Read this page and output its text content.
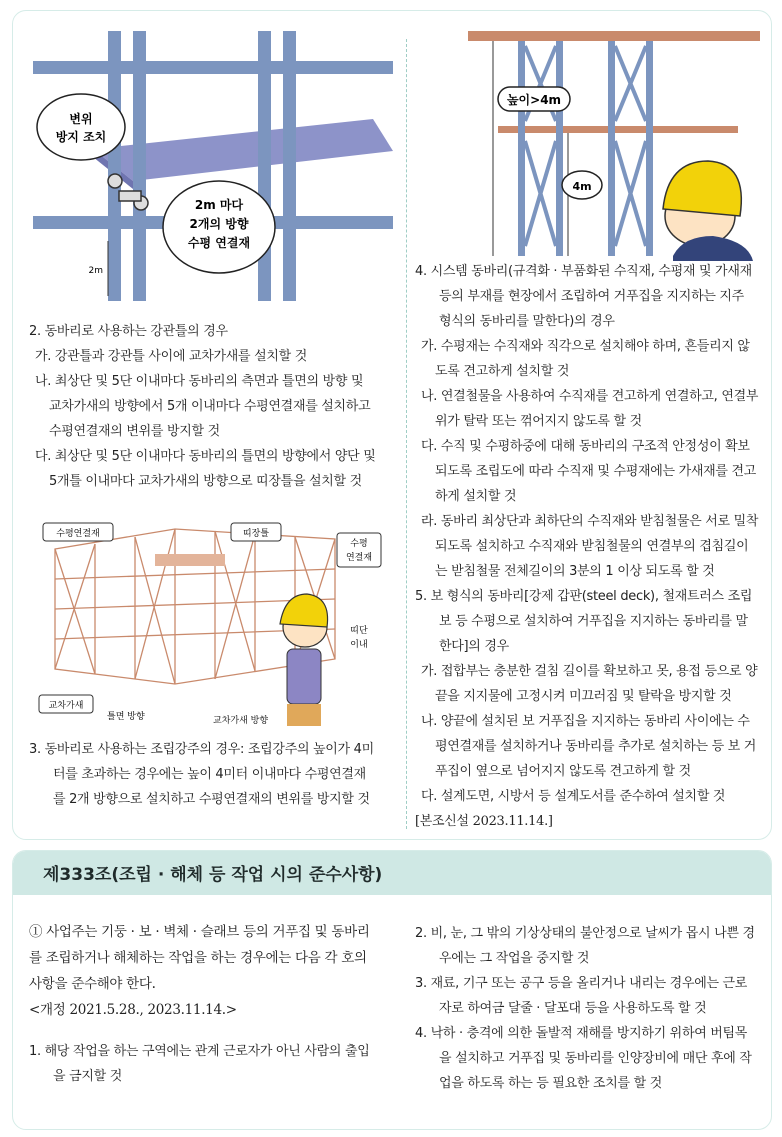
2m
변위
방지 조치
2m 마다
2개의 방향
수평 연결재
높이>4m
4m
수평연결재	띠장틀
수평
연결재
띠단
이내
교차가새
틀면 방향	교차가새 방향

2. 동바리로 사용하는 강관틀의 경우

가. 강관틀과 강관틀 사이에 교차가새를 설치할 것

나. 최상단 및 5단 이내마다 동바리의 측면과 틀면의 방향 및 교차가새의 방향에서 5개 이내마다 수평연결재를 설치하고 수평연결재의 변위를 방지할 것

다. 최상단 및 5단 이내마다 동바리의 틀면의 방향에서 양단 및 5개틀 이내마다 교차가새의 방향으로 띠장틀을 설치할 것

3. 동바리로 사용하는 조립강주의 경우: 조립강주의 높이가 4미터를 초과하는 경우에는 높이 4미터 이내마다 수평연결재를 2개 방향으로 설치하고 수평연결재의 변위를 방지할 것

4. 시스템 동바리(규격화 · 부품화된 수직재, 수평재 및 가새재 등의 부재를 현장에서 조립하여 거푸집을 지지하는 지주 형식의 동바리를 말한다)의 경우

가. 수평재는 수직재와 직각으로 설치해야 하며, 흔들리지 않도록 견고하게 설치할 것

나. 연결철물을 사용하여 수직재를 견고하게 연결하고, 연결부위가 탈락 또는 꺾어지지 않도록 할 것

다. 수직 및 수평하중에 대해 동바리의 구조적 안정성이 확보되도록 조립도에 따라 수직재 및 수평재에는 가새재를 견고하게 설치할 것

라. 동바리 최상단과 최하단의 수직재와 받침철물은 서로 밀착되도록 설치하고 수직재와 받침철물의 연결부의 겹침길이는 받침철물 전체길이의 3분의 1 이상 되도록 할 것

5. 보 형식의 동바리[강제 갑판(steel deck), 철재트러스 조립 보 등 수평으로 설치하여 거푸집을 지지하는 동바리를 말한다]의 경우

가. 접합부는 충분한 걸침 길이를 확보하고 못, 용접 등으로 양끝을 지지물에 고정시켜 미끄러짐 및 탈락을 방지할 것

나. 양끝에 설치된 보 거푸집을 지지하는 동바리 사이에는 수평연결재를 설치하거나 동바리를 추가로 설치하는 등 보 거푸집이 옆으로 넘어지지 않도록 견고하게 할 것

다. 설계도면, 시방서 등 설계도서를 준수하여 설치할 것

[본조신설 2023.11.14.]

제333조(조립 · 해체 등 작업 시의 준수사항)

① 사업주는 기둥 · 보 · 벽체 · 슬래브 등의 거푸집 및 동바리를 조립하거나 해체하는 작업을 하는 경우에는 다음 각 호의 사항을 준수해야 한다.

<개정 2021.5.28., 2023.11.14.>

1. 해당 작업을 하는 구역에는 관계 근로자가 아닌 사람의 출입을 금지할 것

2. 비, 눈, 그 밖의 기상상태의 불안정으로 날씨가 몹시 나쁜 경우에는 그 작업을 중지할 것

3. 재료, 기구 또는 공구 등을 올리거나 내리는 경우에는 근로자로 하여금 달줄 · 달포대 등을 사용하도록 할 것

4. 낙하 · 충격에 의한 돌발적 재해를 방지하기 위하여 버팀목을 설치하고 거푸집 및 동바리를 인양장비에 매단 후에 작업을 하도록 하는 등 필요한 조치를 할 것
